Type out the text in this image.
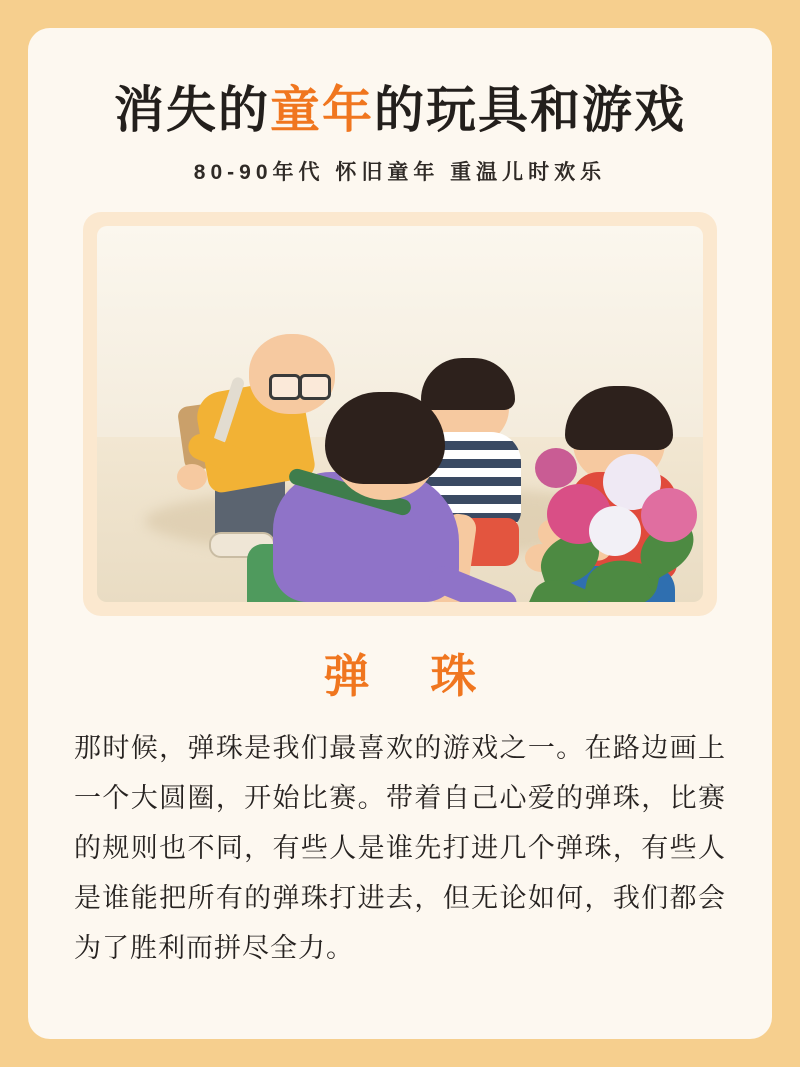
消失的童年的玩具和游戏
80-90年代 怀旧童年 重温儿时欢乐
弹 珠

那时候，弹珠是我们最喜欢的游戏之一。在路边画上一个大圆圈，开始比赛。带着自己心爱的弹珠，比赛的规则也不同，有些人是谁先打进几个弹珠，有些人是谁能把所有的弹珠打进去，但无论如何，我们都会为了胜利而拼尽全力。
